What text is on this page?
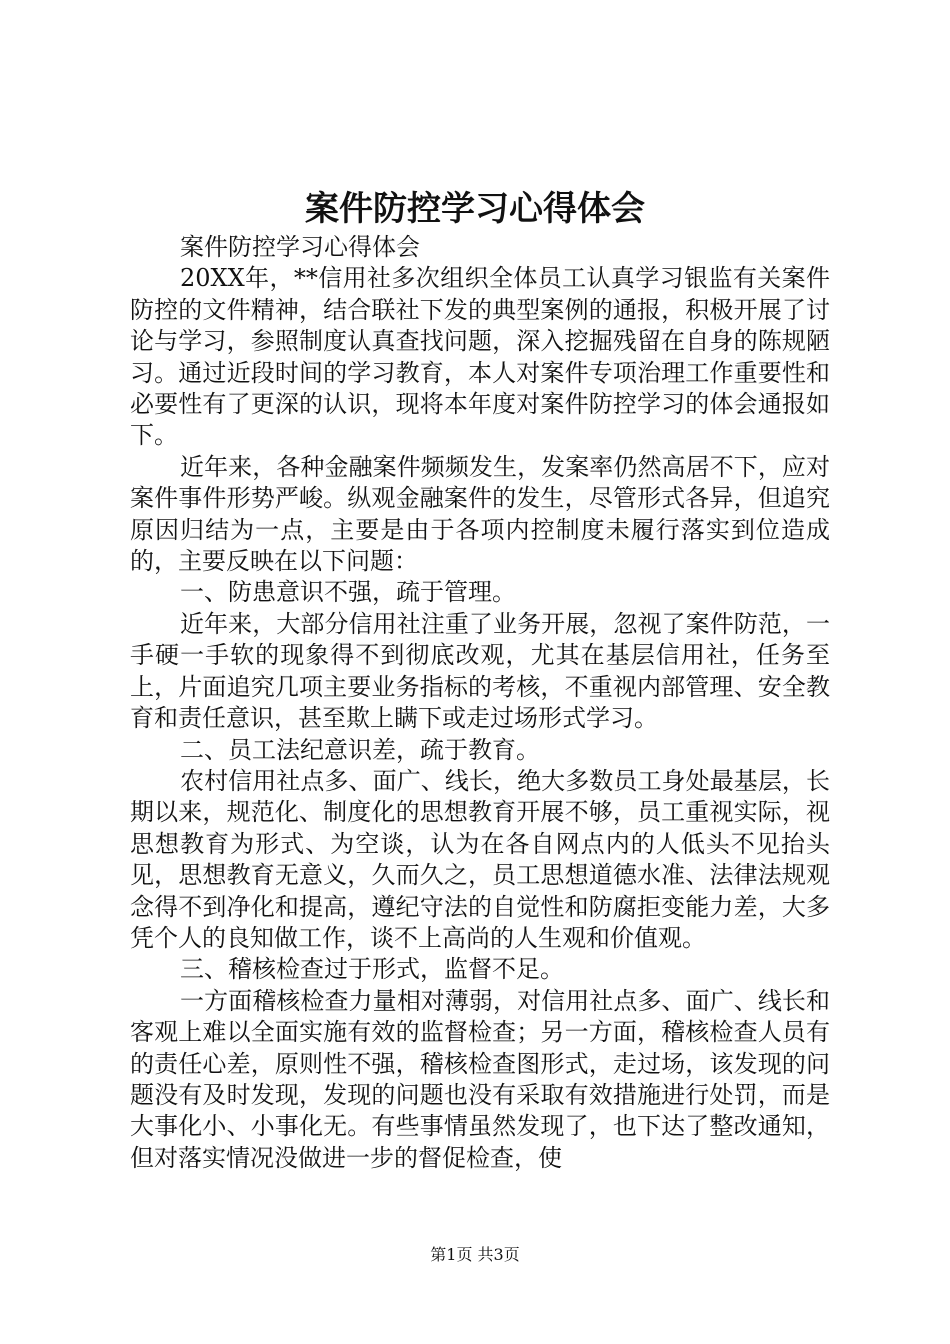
案件防控学习心得体会

案件防控学习心得体会

20XX年，**信用社多次组织全体员工认真学习银监有关案件防控的文件精神，结合联社下发的典型案例的通报，积极开展了讨论与学习，参照制度认真查找问题，深入挖掘残留在自身的陈规陋习。通过近段时间的学习教育，本人对案件专项治理工作重要性和必要性有了更深的认识，现将本年度对案件防控学习的体会通报如下。

近年来，各种金融案件频频发生，发案率仍然高居不下，应对案件事件形势严峻。纵观金融案件的发生，尽管形式各异，但追究原因归结为一点，主要是由于各项内控制度未履行落实到位造成的，主要反映在以下问题：

一、防患意识不强，疏于管理。

近年来，大部分信用社注重了业务开展，忽视了案件防范，一手硬一手软的现象得不到彻底改观，尤其在基层信用社，任务至上，片面追究几项主要业务指标的考核，不重视内部管理、安全教育和责任意识，甚至欺上瞒下或走过场形式学习。

二、员工法纪意识差，疏于教育。

农村信用社点多、面广、线长，绝大多数员工身处最基层，长期以来，规范化、制度化的思想教育开展不够，员工重视实际，视思想教育为形式、为空谈，认为在各自网点内的人低头不见抬头见，思想教育无意义，久而久之，员工思想道德水准、法律法规观念得不到净化和提高，遵纪守法的自觉性和防腐拒变能力差，大多凭个人的良知做工作，谈不上高尚的人生观和价值观。

三、稽核检查过于形式，监督不足。

一方面稽核检查力量相对薄弱，对信用社点多、面广、线长和客观上难以全面实施有效的监督检查；另一方面，稽核检查人员有的责任心差，原则性不强，稽核检查图形式，走过场，该发现的问题没有及时发现，发现的问题也没有采取有效措施进行处罚，而是大事化小、小事化无。有些事情虽然发现了，也下达了整改通知，但对落实情况没做进一步的督促检查，使

第1页 共3页
